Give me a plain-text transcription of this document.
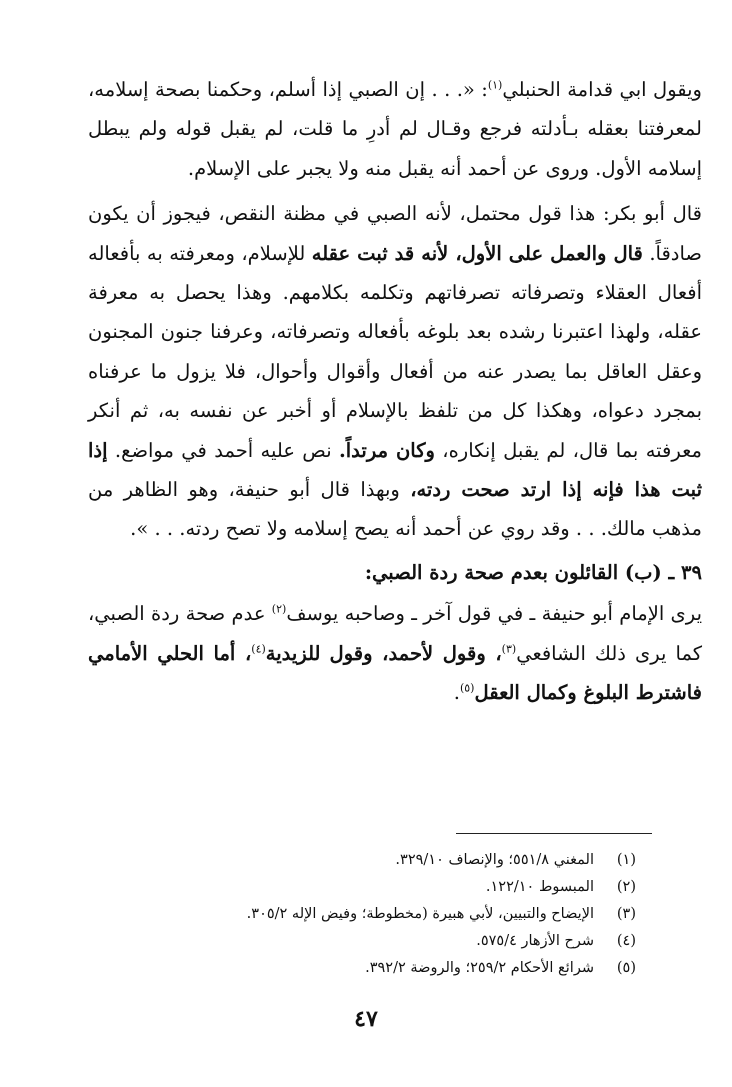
ويقول ابي قدامة الحنبلي$^{(١)}$: «. . . إن الصبي إذا أسلم، وحكمنا بصحة إسلامه، لمعرفتنا بعقله بـأدلته فرجع وقـال لم أدرِ ما قلت، لم يقبل قوله ولم يبطل إسلامه الأول. وروى عن أحمد أنه يقبل منه ولا يجبر على الإسلام.

قال أبو بكر: هذا قول محتمل، لأنه الصبي في مظنة النقص، فيجوز أن يكون صادقاً. قال والعمل على الأول، لأنه قد ثبت عقله للإسلام، ومعرفته به بأفعاله أفعال العقلاء وتصرفاته تصرفاتهم وتكلمه بكلامهم. وهذا يحصل به معرفة عقله، ولهذا اعتبرنا رشده بعد بلوغه بأفعاله وتصرفاته، وعرفنا جنون المجنون وعقل العاقل بما يصدر عنه من أفعال وأقوال وأحوال، فلا يزول ما عرفناه بمجرد دعواه، وهكذا كل من تلفظ بالإسلام أو أخبر عن نفسه به، ثم أنكر معرفته بما قال، لم يقبل إنكاره، وكان مرتداً. نص عليه أحمد في مواضع. إذا ثبت هذا فإنه إذا ارتد صحت ردته، وبهذا قال أبو حنيفة، وهو الظاهر من مذهب مالك. . . وقد روي عن أحمد أنه يصح إسلامه ولا تصح ردته. . . ».

٣٩ ـ (ب) القائلون بعدم صحة ردة الصبي:

يرى الإمام أبو حنيفة ـ في قول آخر ـ وصاحبه يوسف$^{(٢)}$ عدم صحة ردة الصبي، كما يرى ذلك الشافعي$^{(٣)}$، وقول لأحمد، وقول للزيدية$^{(٤)}$، أما الحلي الأمامي فاشترط البلوغ وكمال العقل$^{(٥)}$.

(١)
المغني ٥٥١/٨؛ والإنصاف ٣٢٩/١٠.
(٢)
المبسوط ١٢٢/١٠.
(٣)
الإيضاح والتبيين، لأبي هبيرة (مخطوطة؛ وفيض الإله ٣٠٥/٢.
(٤)
شرح الأزهار ٥٧٥/٤.
(٥)
شرائع الأحكام ٢٥٩/٢؛ والروضة ٣٩٢/٢.
٤٧
